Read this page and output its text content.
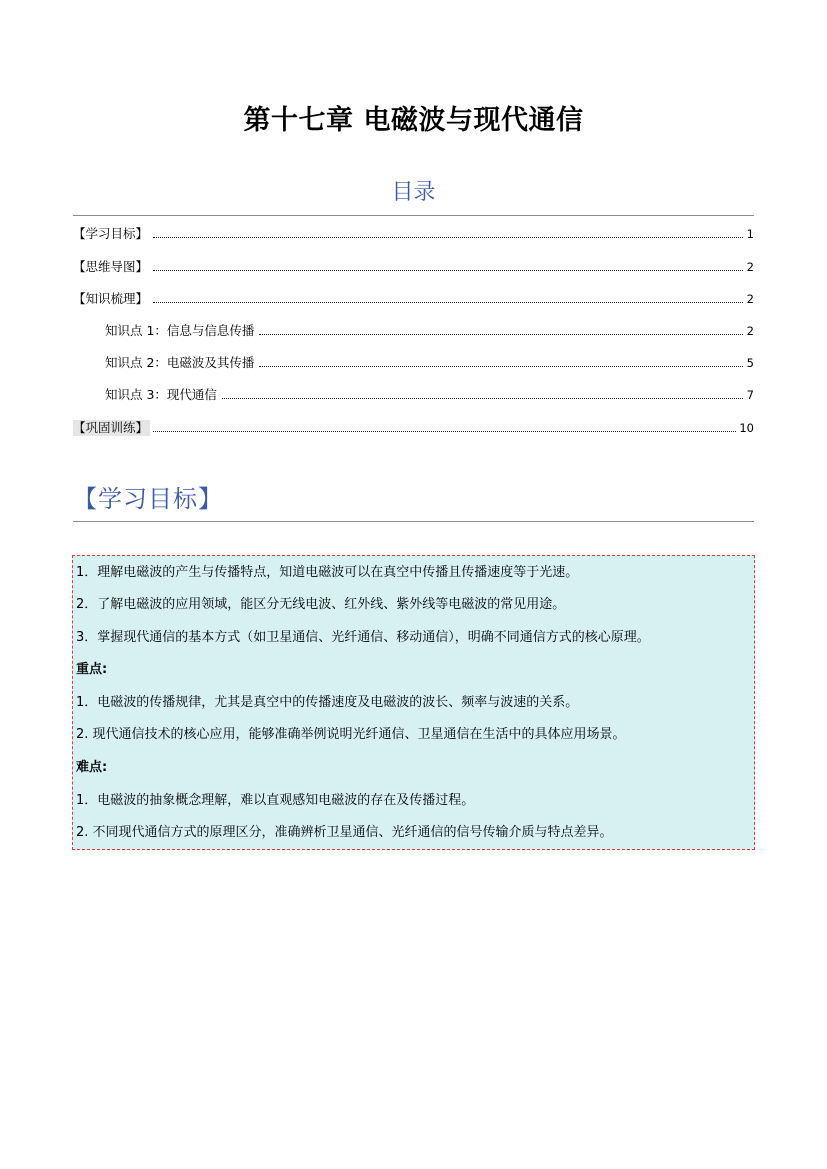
第十七章 电磁波与现代通信
目录
【学习目标】	1
【思维导图】	2
【知识梳理】	2
知识点 1：信息与信息传播	2
知识点 2：电磁波及其传播	5
知识点 3：现代通信	7
【巩固训练】	10
【学习目标】
1．理解电磁波的产生与传播特点，知道电磁波可以在真空中传播且传播速度等于光速。
2．了解电磁波的应用领域，能区分无线电波、红外线、紫外线等电磁波的常见用途。
3．掌握现代通信的基本方式（如卫星通信、光纤通信、移动通信），明确不同通信方式的核心原理。
重点:
1．电磁波的传播规律，尤其是真空中的传播速度及电磁波的波长、频率与波速的关系。
2. 现代通信技术的核心应用，能够准确举例说明光纤通信、卫星通信在生活中的具体应用场景。
难点:
1．电磁波的抽象概念理解，难以直观感知电磁波的存在及传播过程。
2. 不同现代通信方式的原理区分，准确辨析卫星通信、光纤通信的信号传输介质与特点差异。
